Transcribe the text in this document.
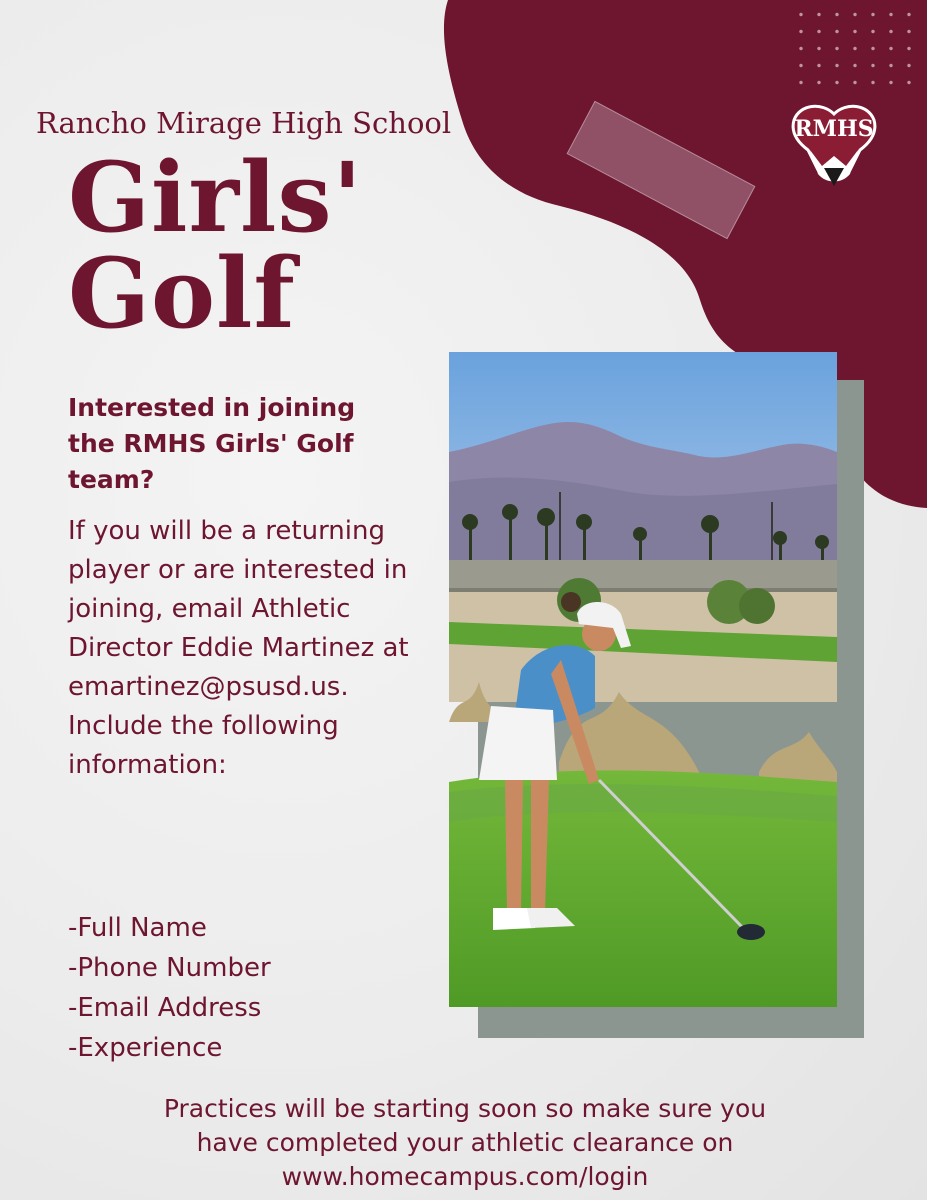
RMHS
Rancho Mirage High School
Girls'
Golf
Interested in joining the RMHS Girls' Golf team?
If you will be a returning player or are interested in joining, email Athletic Director Eddie Martinez at emartinez@psusd.us. Include the following information:
-Full Name
-Phone Number
-Email Address
-Experience
Practices will be starting soon so make sure you
have completed your athletic clearance on
www.homecampus.com/login
